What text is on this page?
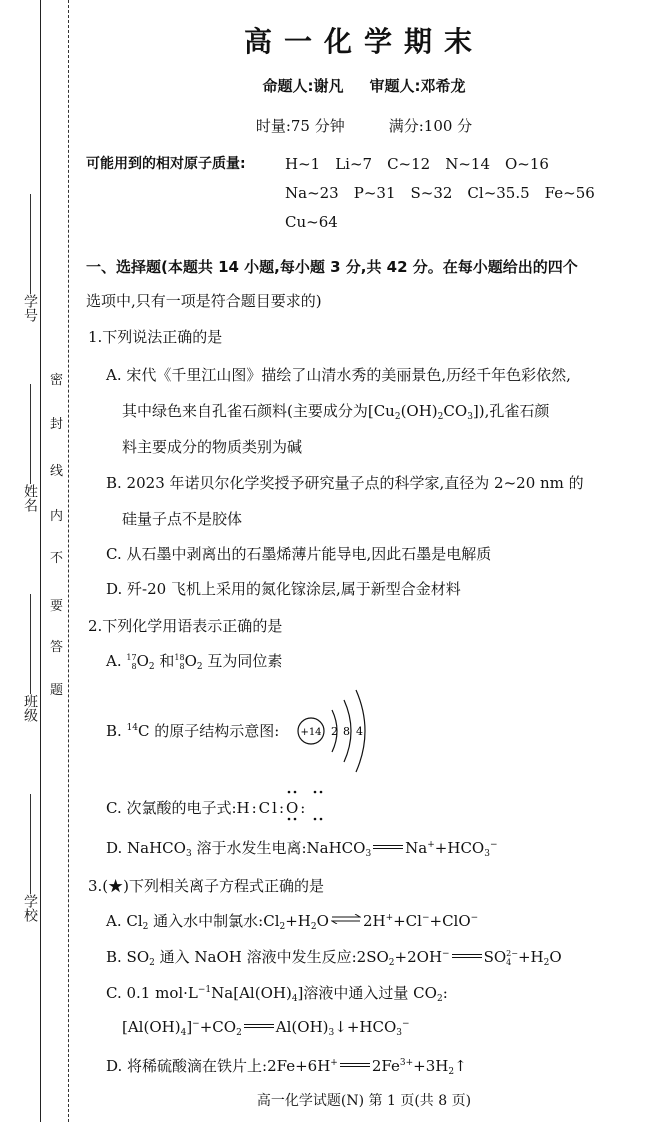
学号
姓名
班级
学校
密
封
线
内
不
要
答
题
高一化学期末
命题人:谢凡 审题人:邓希龙
时量:75 分钟	满分:100 分
可能用到的相对原子质量:	H~1 Li~7 C~12 N~14 O~16
Na~23 P~31 S~32 Cl~35.5 Fe~56
Cu~64
一、选择题(本题共 14 小题,每小题 3 分,共 42 分。在每小题给出的四个
选项中,只有一项是符合题目要求的)
1.下列说法正确的是
A. 宋代《千里江山图》描绘了山清水秀的美丽景色,历经千年色彩依然,
其中绿色来自孔雀石颜料(主要成分为$[Cu_2(OH)_2CO_3]$),孔雀石颜
料主要成分的物质类别为碱
B. 2023 年诺贝尔化学奖授予研究量子点的科学家,直径为 2~20 nm 的
硅量子点不是胶体
C. 从石墨中剥离出的石墨烯薄片能导电,因此石墨是电解质
D. 歼-20 飞机上采用的氮化镓涂层,属于新型合金材料
2.下列化学用语表示正确的是
A. 17
$8O_2$ 和18
$8O_2$ 互为同位素
B. $^{14}$C 的原子结构示意图: +14 2 8 4
C. 次氯酸的电子式:H:Cl:O:
D. NaHCO$_3$ 溶于水发生电离:NaHCO$_3$ $Na^++HCO_3^-$
3.(★)下列相关离子方程式正确的是
A. $Cl_2$ 通入水中制氯水$:Cl_2+H_2O$ ⇌ 2H++Cl−+ClO−
B. $SO_2$ 通入 NaOH 溶液中发生反应$:2SO_2+2OH^-$ SO2−
$4 +H_2O$
C. 0.1 $mol\cdot L^{-1}Na[Al(OH)_4]$溶液中通入过量 $CO_2$:
$[Al(OH)_4]^-+CO_2$ $Al(OH)_3↓+HCO_3^-$
D. 将稀硫酸滴在铁片上:2Fe+6H+ $2Fe^{3+}+3H_2↑$
高一化学试题(N) 第 1 页(共 8 页)
